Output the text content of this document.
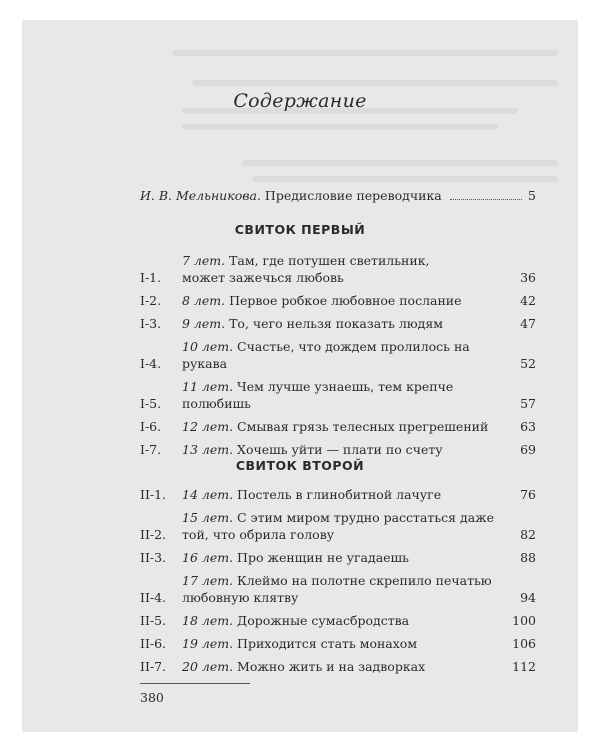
Содержание
И. В. Мельникова. Предисловие переводчика	5
СВИТОК ПЕРВЫЙ
I-1.
7 лет. Там, где потушен светильник,
может зажечься любовь	36
I-2.	8 лет. Первое робкое любовное послание	42
I-3.	9 лет. То, чего нельзя показать людям	47
I-4.
10 лет. Счастье, что дождем пролилось на рукава	52
I-5.
11 лет. Чем лучше узнаешь, тем крепче
полюбишь	57
I-6.	12 лет. Смывая грязь телесных прегрешений	63
I-7.	13 лет. Хочешь уйти — плати по счету	69
СВИТОК ВТОРОЙ
II-1.	14 лет. Постель в глинобитной лачуге	76
II-2.
15 лет. С этим миром трудно расстаться даже
той, что обрила голову	82
II-3.	16 лет. Про женщин не угадаешь	88
II-4.
17 лет. Клеймо на полотне скрепило печатью
любовную клятву	94
II-5.	18 лет. Дорожные сумасбродства	100
II-6.	19 лет. Приходится стать монахом	106
II-7.	20 лет. Можно жить и на задворках	112
380
